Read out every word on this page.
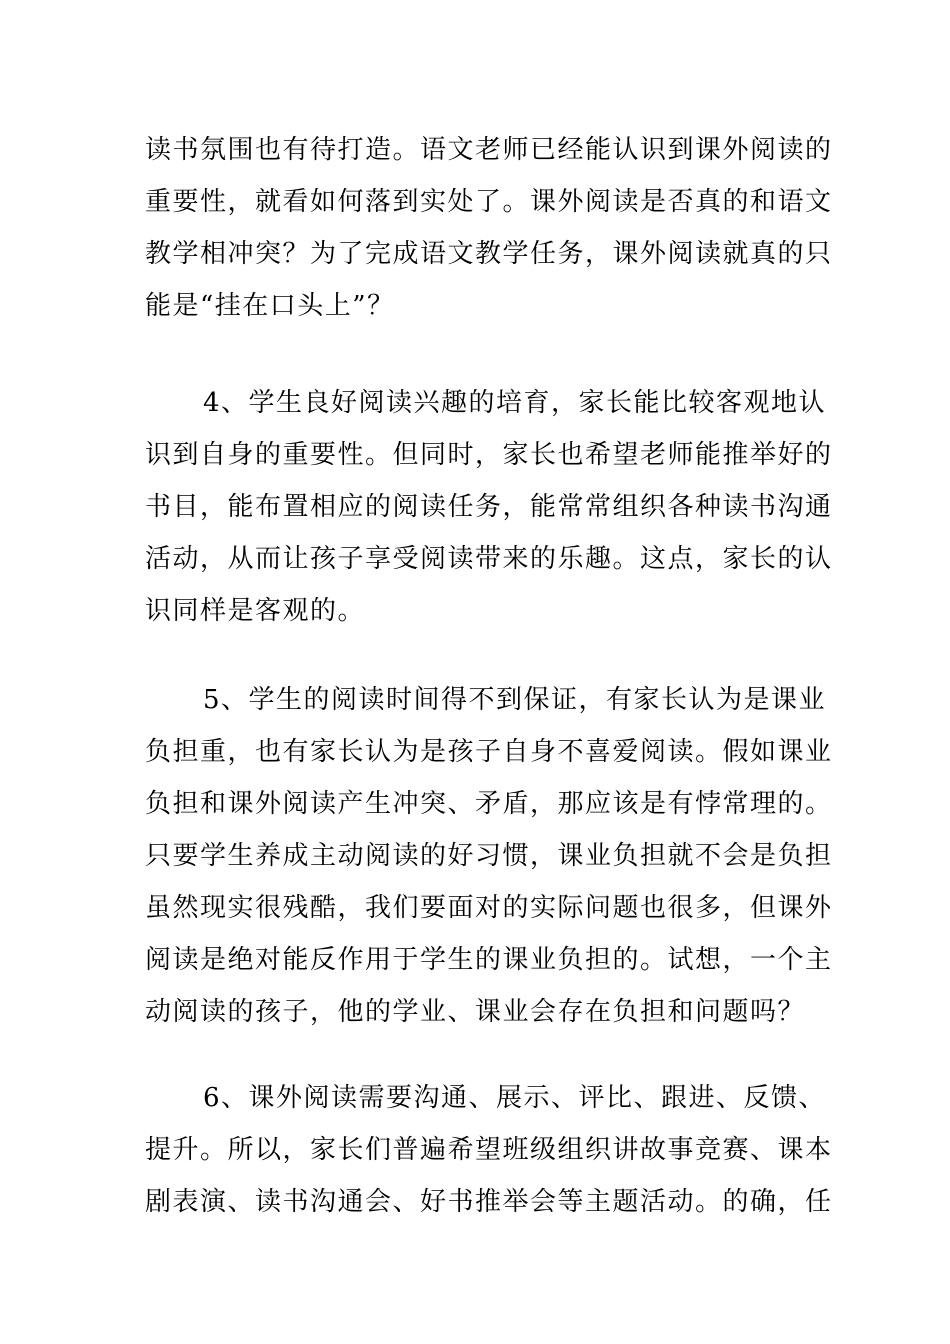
读书氛围也有待打造。语文老师已经能认识到课外阅读的
重要性，就看如何落到实处了。课外阅读是否真的和语文
教学相冲突？为了完成语文教学任务，课外阅读就真的只
能是“挂在口头上”？
4、学生良好阅读兴趣的培育，家长能比较客观地认
识到自身的重要性。但同时，家长也希望老师能推举好的
书目，能布置相应的阅读任务，能常常组织各种读书沟通
活动，从而让孩子享受阅读带来的乐趣。这点，家长的认
识同样是客观的。
5、学生的阅读时间得不到保证，有家长认为是课业
负担重，也有家长认为是孩子自身不喜爱阅读。假如课业
负担和课外阅读产生冲突、矛盾，那应该是有悖常理的。
只要学生养成主动阅读的好习惯，课业负担就不会是负担
虽然现实很残酷，我们要面对的实际问题也很多，但课外
阅读是绝对能反作用于学生的课业负担的。试想，一个主
动阅读的孩子，他的学业、课业会存在负担和问题吗？
6、课外阅读需要沟通、展示、评比、跟进、反馈、
提升。所以，家长们普遍希望班级组织讲故事竞赛、课本
剧表演、读书沟通会、好书推举会等主题活动。的确，任
